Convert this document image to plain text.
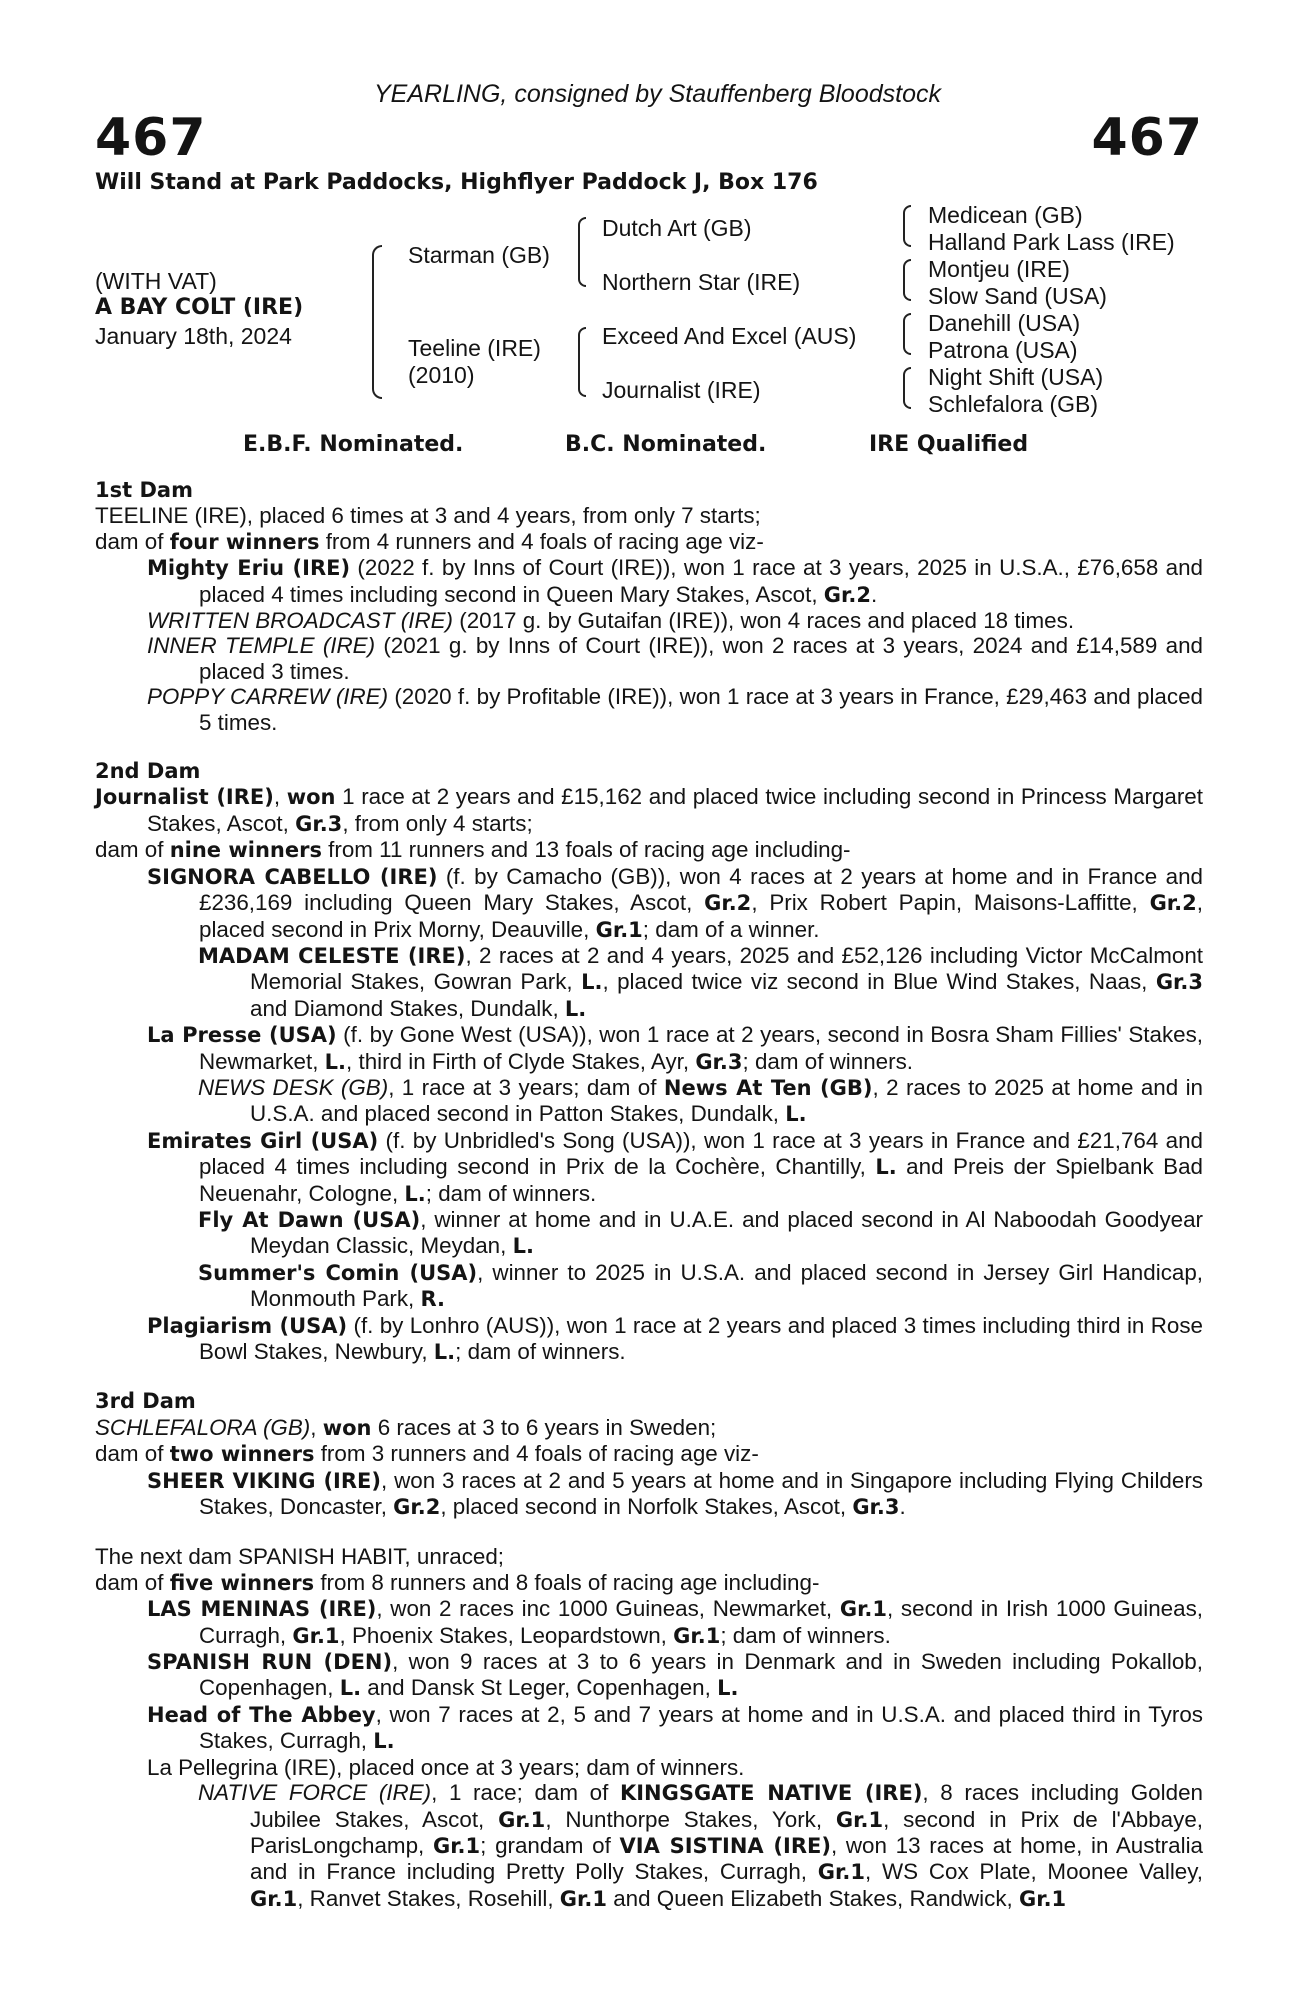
YEARLING, consigned by Stauffenberg Bloodstock
467	467
Will Stand at Park Paddocks, Highflyer Paddock J, Box 176
(WITH VAT)
A BAY COLT (IRE)
January 18th, 2024
Starman (GB)
Teeline (IRE)
(2010)
Dutch Art (GB)
Northern Star (IRE)
Exceed And Excel (AUS)
Journalist (IRE)
Medicean (GB)
Halland Park Lass (IRE)
Montjeu (IRE)
Slow Sand (USA)
Danehill (USA)
Patrona (USA)
Night Shift (USA)
Schlefalora (GB)
E.B.F. Nominated.	B.C. Nominated.	IRE Qualified
1st Dam
TEELINE (IRE), placed 6 times at 3 and 4 years, from only 7 starts;
dam of four winners from 4 runners and 4 foals of racing age viz-
Mighty Eriu (IRE) (2022 f. by Inns of Court (IRE)), won 1 race at 3 years, 2025 in U.S.A., £76,658 and placed 4 times including second in Queen Mary Stakes, Ascot, Gr.2.
WRITTEN BROADCAST (IRE) (2017 g. by Gutaifan (IRE)), won 4 races and placed 18 times.
INNER TEMPLE (IRE) (2021 g. by Inns of Court (IRE)), won 2 races at 3 years, 2024 and £14,589 and placed 3 times.
POPPY CARREW (IRE) (2020 f. by Profitable (IRE)), won 1 race at 3 years in France, £29,463 and placed 5 times.
2nd Dam
Journalist (IRE), won 1 race at 2 years and £15,162 and placed twice including second in Princess Margaret Stakes, Ascot, Gr.3, from only 4 starts;
dam of nine winners from 11 runners and 13 foals of racing age including-
SIGNORA CABELLO (IRE) (f. by Camacho (GB)), won 4 races at 2 years at home and in France and £236,169 including Queen Mary Stakes, Ascot, Gr.2, Prix Robert Papin, Maisons-Laffitte, Gr.2, placed second in Prix Morny, Deauville, Gr.1; dam of a winner.
MADAM CELESTE (IRE), 2 races at 2 and 4 years, 2025 and £52,126 including Victor McCalmont Memorial Stakes, Gowran Park, L., placed twice viz second in Blue Wind Stakes, Naas, Gr.3 and Diamond Stakes, Dundalk, L.
La Presse (USA) (f. by Gone West (USA)), won 1 race at 2 years, second in Bosra Sham Fillies' Stakes, Newmarket, L., third in Firth of Clyde Stakes, Ayr, Gr.3; dam of winners.
NEWS DESK (GB), 1 race at 3 years; dam of News At Ten (GB), 2 races to 2025 at home and in U.S.A. and placed second in Patton Stakes, Dundalk, L.
Emirates Girl (USA) (f. by Unbridled's Song (USA)), won 1 race at 3 years in France and £21,764 and placed 4 times including second in Prix de la Cochère, Chantilly, L. and Preis der Spielbank Bad Neuenahr, Cologne, L.; dam of winners.
Fly At Dawn (USA), winner at home and in U.A.E. and placed second in Al Naboodah Goodyear Meydan Classic, Meydan, L.
Summer's Comin (USA), winner to 2025 in U.S.A. and placed second in Jersey Girl Handicap, Monmouth Park, R.
Plagiarism (USA) (f. by Lonhro (AUS)), won 1 race at 2 years and placed 3 times including third in Rose Bowl Stakes, Newbury, L.; dam of winners.
3rd Dam
SCHLEFALORA (GB), won 6 races at 3 to 6 years in Sweden;
dam of two winners from 3 runners and 4 foals of racing age viz-
SHEER VIKING (IRE), won 3 races at 2 and 5 years at home and in Singapore including Flying Childers Stakes, Doncaster, Gr.2, placed second in Norfolk Stakes, Ascot, Gr.3.
The next dam SPANISH HABIT, unraced;
dam of five winners from 8 runners and 8 foals of racing age including-
LAS MENINAS (IRE), won 2 races inc 1000 Guineas, Newmarket, Gr.1, second in Irish 1000 Guineas, Curragh, Gr.1, Phoenix Stakes, Leopardstown, Gr.1; dam of winners.
SPANISH RUN (DEN), won 9 races at 3 to 6 years in Denmark and in Sweden including Pokallob, Copenhagen, L. and Dansk St Leger, Copenhagen, L.
Head of The Abbey, won 7 races at 2, 5 and 7 years at home and in U.S.A. and placed third in Tyros Stakes, Curragh, L.
La Pellegrina (IRE), placed once at 3 years; dam of winners.
NATIVE FORCE (IRE), 1 race; dam of KINGSGATE NATIVE (IRE), 8 races including Golden Jubilee Stakes, Ascot, Gr.1, Nunthorpe Stakes, York, Gr.1, second in Prix de l'Abbaye, ParisLongchamp, Gr.1; grandam of VIA SISTINA (IRE), won 13 races at home, in Australia and in France including Pretty Polly Stakes, Curragh, Gr.1, WS Cox Plate, Moonee Valley, Gr.1, Ranvet Stakes, Rosehill, Gr.1 and Queen Elizabeth Stakes, Randwick, Gr.1
